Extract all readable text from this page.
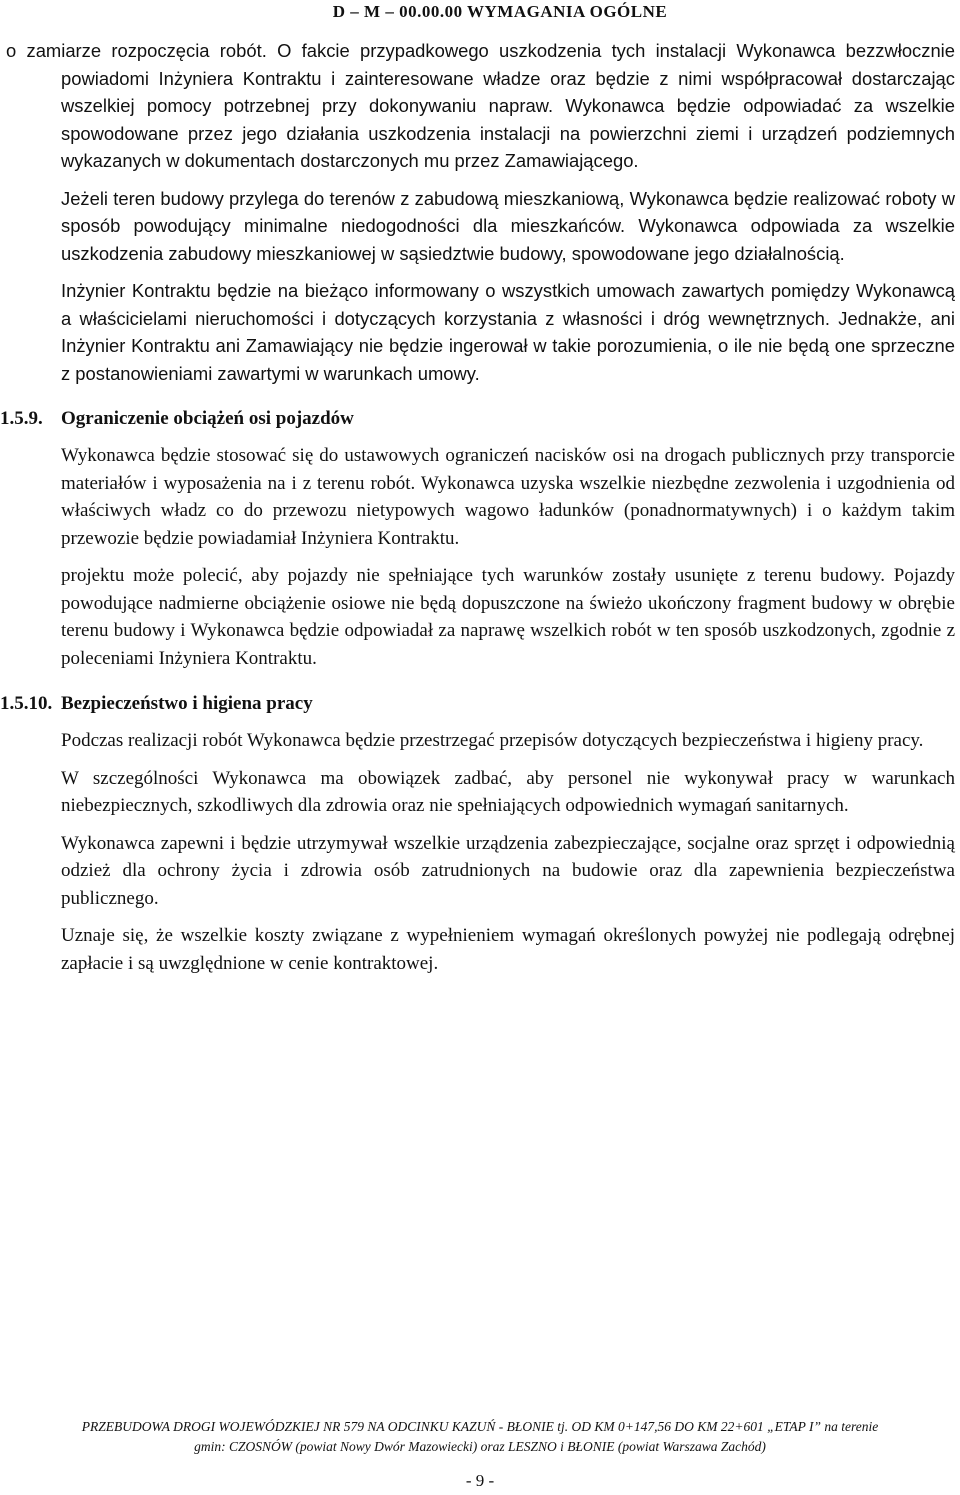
D – M – 00.00.00 WYMAGANIA OGÓLNE

o zamiarze rozpoczęcia robót. O fakcie przypadkowego uszkodzenia tych instalacji Wykonawca bezzwłocznie powiadomi Inżyniera Kontraktu i zainteresowane władze oraz będzie z nimi współpracował dostarczając wszelkiej pomocy potrzebnej przy dokonywaniu napraw. Wykonawca będzie odpowiadać za wszelkie spowodowane przez jego działania uszkodzenia instalacji na powierzchni ziemi i urządzeń podziemnych wykazanych w dokumentach dostarczonych mu przez Zamawiającego.

Jeżeli teren budowy przylega do terenów z zabudową mieszkaniową, Wykonawca będzie realizować roboty w sposób powodujący minimalne niedogodności dla mieszkańców. Wykonawca odpowiada za wszelkie uszkodzenia zabudowy mieszkaniowej w sąsiedztwie budowy, spowodowane jego działalnością.

Inżynier Kontraktu będzie na bieżąco informowany o wszystkich umowach zawartych pomiędzy Wykonawcą a właścicielami nieruchomości i dotyczących korzystania z własności i dróg wewnętrznych. Jednakże, ani Inżynier Kontraktu ani Zamawiający nie będzie ingerował w takie porozumienia, o ile nie będą one sprzeczne z postanowieniami zawartymi w warunkach umowy.

1.5.9. Ograniczenie obciążeń osi pojazdów

Wykonawca będzie stosować się do ustawowych ograniczeń nacisków osi na drogach publicznych przy transporcie materiałów i wyposażenia na i z terenu robót. Wykonawca uzyska wszelkie niezbędne zezwolenia i uzgodnienia od właściwych władz co do przewozu nietypowych wagowo ładunków (ponadnormatywnych) i o każdym takim przewozie będzie powiadamiał Inżyniera Kontraktu.

projektu może polecić, aby pojazdy nie spełniające tych warunków zostały usunięte z terenu budowy. Pojazdy powodujące nadmierne obciążenie osiowe nie będą dopuszczone na świeżo ukończony fragment budowy w obrębie terenu budowy i Wykonawca będzie odpowiadał za naprawę wszelkich robót w ten sposób uszkodzonych, zgodnie z poleceniami Inżyniera Kontraktu.

1.5.10. Bezpieczeństwo i higiena pracy

Podczas realizacji robót Wykonawca będzie przestrzegać przepisów dotyczących bezpieczeństwa i higieny pracy.

W szczególności Wykonawca ma obowiązek zadbać, aby personel nie wykonywał pracy w warunkach niebezpiecznych, szkodliwych dla zdrowia oraz nie spełniających odpowiednich wymagań sanitarnych.

Wykonawca zapewni i będzie utrzymywał wszelkie urządzenia zabezpieczające, socjalne oraz sprzęt i odpowiednią odzież dla ochrony życia i zdrowia osób zatrudnionych na budowie oraz dla zapewnienia bezpieczeństwa publicznego.

Uznaje się, że wszelkie koszty związane z wypełnieniem wymagań określonych powyżej nie podlegają odrębnej zapłacie i są uwzględnione w cenie kontraktowej.

PRZEBUDOWA DROGI WOJEWÓDZKIEJ NR 579 NA ODCINKU KAZUŃ - BŁONIE tj. OD KM 0+147,56 DO KM 22+601 „ETAP I” na terenie
gmin: CZOSNÓW (powiat Nowy Dwór Mazowiecki) oraz LESZNO i BŁONIE (powiat Warszawa Zachód)
- 9 -
